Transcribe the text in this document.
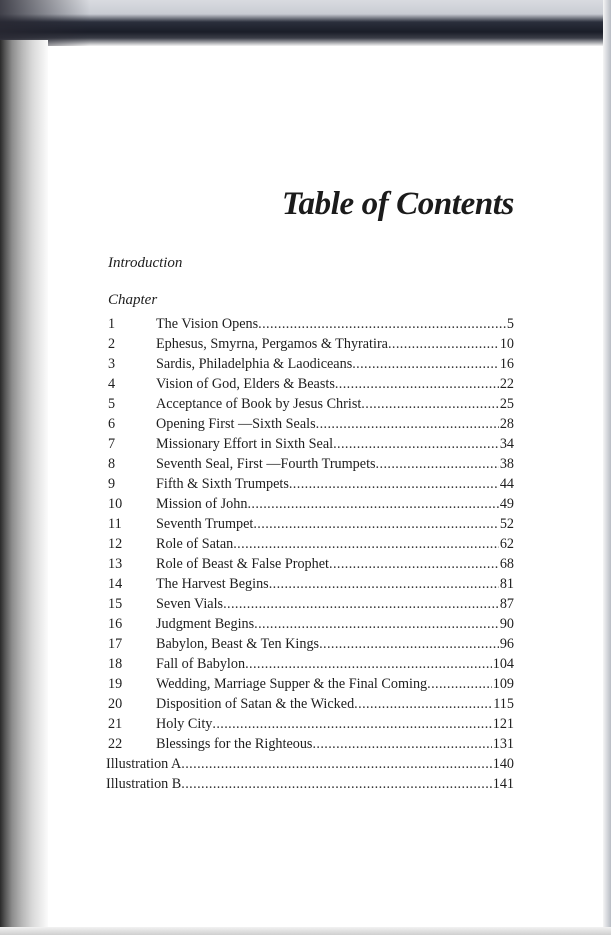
Table of Contents

Introduction

Chapter

1	The Vision Opens .....	5
2	Ephesus, Smyrna, Pergamos & Thyratira .....	10
3	Sardis, Philadelphia & Laodiceans .....	16
4	Vision of God, Elders & Beasts .....	22
5	Acceptance of Book by Jesus Christ .....	25
6	Opening First —Sixth Seals .....	28
7	Missionary Effort in Sixth Seal .....	34
8	Seventh Seal, First —Fourth Trumpets .....	38
9	Fifth & Sixth Trumpets .....	44
10	Mission of John .....	49
11	Seventh Trumpet .....	52
12	Role of Satan .....	62
13	Role of Beast & False Prophet .....	68
14	The Harvest Begins .....	81
15	Seven Vials .....	87
16	Judgment Begins .....	90
17	Babylon, Beast & Ten Kings .....	96
18	Fall of Babylon .....	104
19	Wedding, Marriage Supper & the Final Coming .....	109
20	Disposition of Satan & the Wicked .....	115
21	Holy City .....	121
22	Blessings for the Righteous .....	131
Illustration A .....	140
Illustration B .....	141
